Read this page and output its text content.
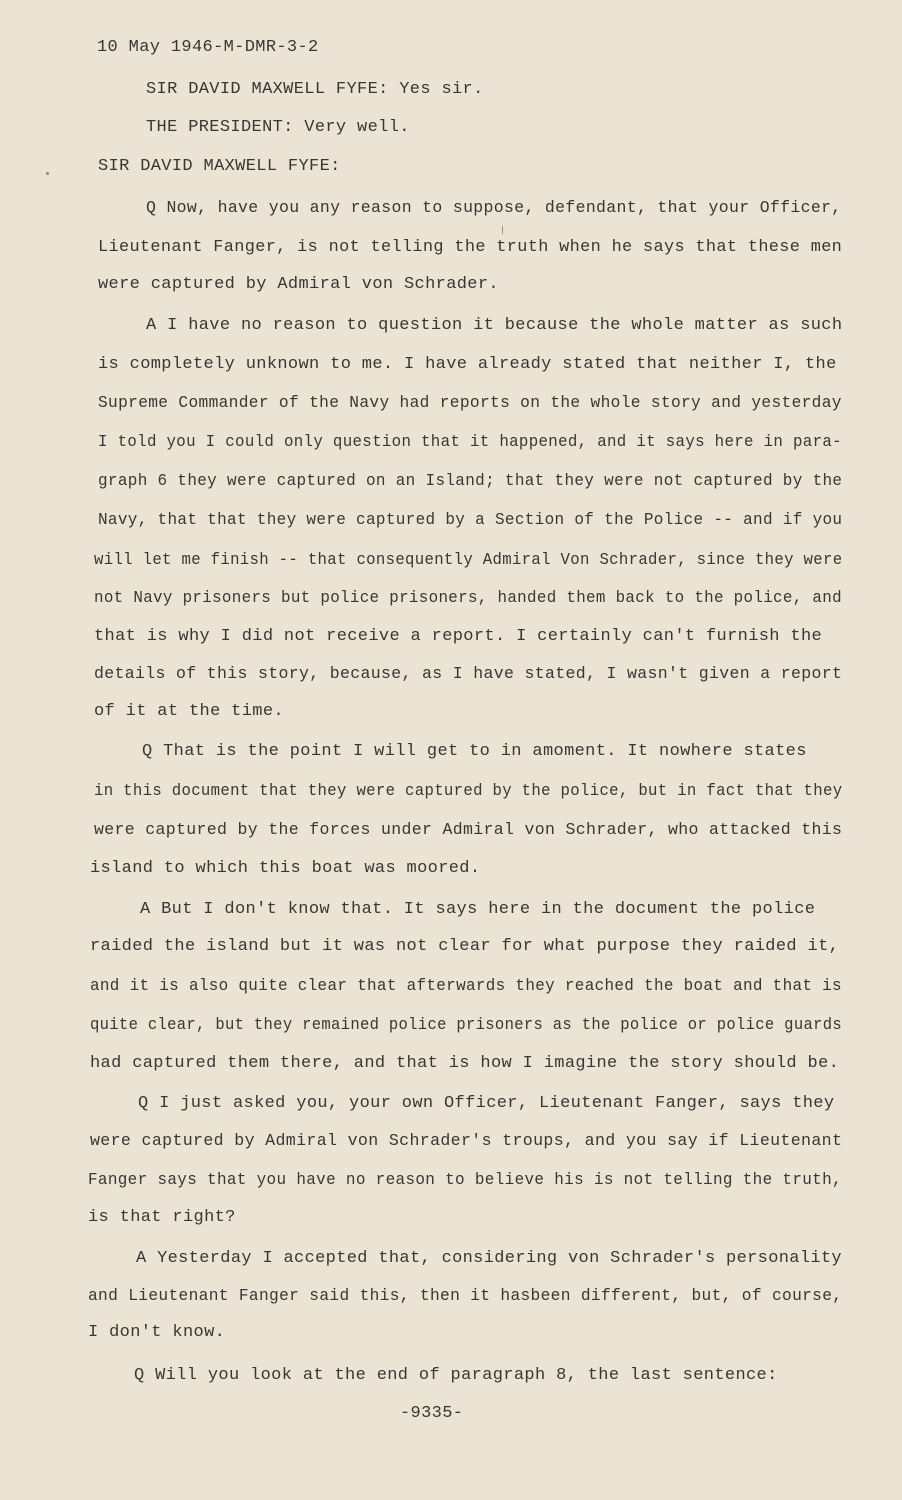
10 May 1946-M-DMR-3-2
SIR DAVID MAXWELL FYFE: Yes sir.
THE PRESIDENT: Very well.
SIR DAVID MAXWELL FYFE:
Q Now, have you any reason to suppose, defendant, that your Officer,
Lieutenant Fanger, is not telling the truth when he says that these men
were captured by Admiral von Schrader.
A I have no reason to question it because the whole matter as such
is completely unknown to me. I have already stated that neither I, the
Supreme Commander of the Navy had reports on the whole story and yesterday
I told you I could only question that it happened, and it says here in para-
graph 6 they were captured on an Island; that they were not captured by the
Navy, that that they were captured by a Section of the Police -- and if you
will let me finish -- that consequently Admiral Von Schrader, since they were
not Navy prisoners but police prisoners, handed them back to the police, and
that is why I did not receive a report. I certainly can't furnish the
details of this story, because, as I have stated, I wasn't given a report
of it at the time.
Q That is the point I will get to in amoment. It nowhere states
in this document that they were captured by the police, but in fact that they
were captured by the forces under Admiral von Schrader, who attacked this
island to which this boat was moored.
A But I don't know that. It says here in the document the police
raided the island but it was not clear for what purpose they raided it,
and it is also quite clear that afterwards they reached the boat and that is
quite clear, but they remained police prisoners as the police or police guards
had captured them there, and that is how I imagine the story should be.
Q I just asked you, your own Officer, Lieutenant Fanger, says they
were captured by Admiral von Schrader's troups, and you say if Lieutenant
Fanger says that you have no reason to believe his is not telling the truth,
is that right?
A Yesterday I accepted that, considering von Schrader's personality
and Lieutenant Fanger said this, then it hasbeen different, but, of course,
I don't know.
Q Will you look at the end of paragraph 8, the last sentence:
-9335-
